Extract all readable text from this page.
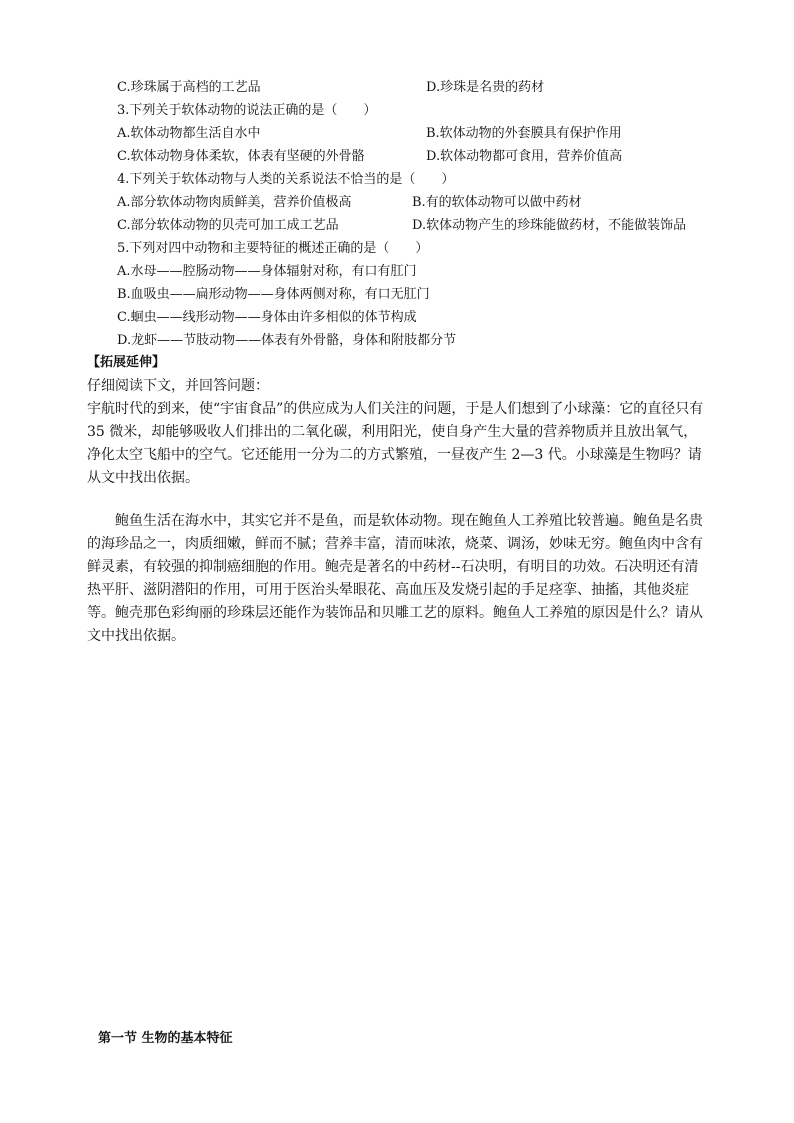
C.珍珠属于高档的工艺品	D.珍珠是名贵的药材
3.下列关于软体动物的说法正确的是（　　）
A.软体动物都生活自水中	B.软体动物的外套膜具有保护作用
C.软体动物身体柔软，体表有坚硬的外骨骼	D.软体动物都可食用，营养价值高
4.下列关于软体动物与人类的关系说法不恰当的是（　　）
A.部分软体动物肉质鲜美，营养价值极高	B.有的软体动物可以做中药材
C.部分软体动物的贝壳可加工成工艺品	D.软体动物产生的珍珠能做药材，不能做装饰品
5.下列对四中动物和主要特征的概述正确的是（　　）
A.水母——腔肠动物——身体辐射对称，有口有肛门
B.血吸虫——扁形动物——身体两侧对称，有口无肛门
C.蛔虫——线形动物——身体由许多相似的体节构成
D.龙虾——节肢动物——体表有外骨骼，身体和附肢都分节
【拓展延伸】
仔细阅读下文，并回答问题：
宇航时代的到来，使“宇宙食品”的供应成为人们关注的问题，于是人们想到了小球藻：它的直径只有 35 微米，却能够吸收人们排出的二氧化碳，利用阳光，使自身产生大量的营养物质并且放出氧气，净化太空飞船中的空气。它还能用一分为二的方式繁殖，一昼夜产生 2—3 代。小球藻是生物吗？请从文中找出依据。
鲍鱼生活在海水中，其实它并不是鱼，而是软体动物。现在鲍鱼人工养殖比较普遍。鲍鱼是名贵的海珍品之一，肉质细嫩，鲜而不腻；营养丰富，清而味浓，烧菜、调汤，妙味无穷。鲍鱼肉中含有鲜灵素，有较强的抑制癌细胞的作用。鲍壳是著名的中药材--石决明，有明目的功效。石决明还有清热平肝、滋阴潜阳的作用，可用于医治头晕眼花、高血压及发烧引起的手足痉挛、抽搐，其他炎症等。鲍壳那色彩绚丽的珍珠层还能作为装饰品和贝雕工艺的原料。鲍鱼人工养殖的原因是什么？请从文中找出依据。
第一节 生物的基本特征
